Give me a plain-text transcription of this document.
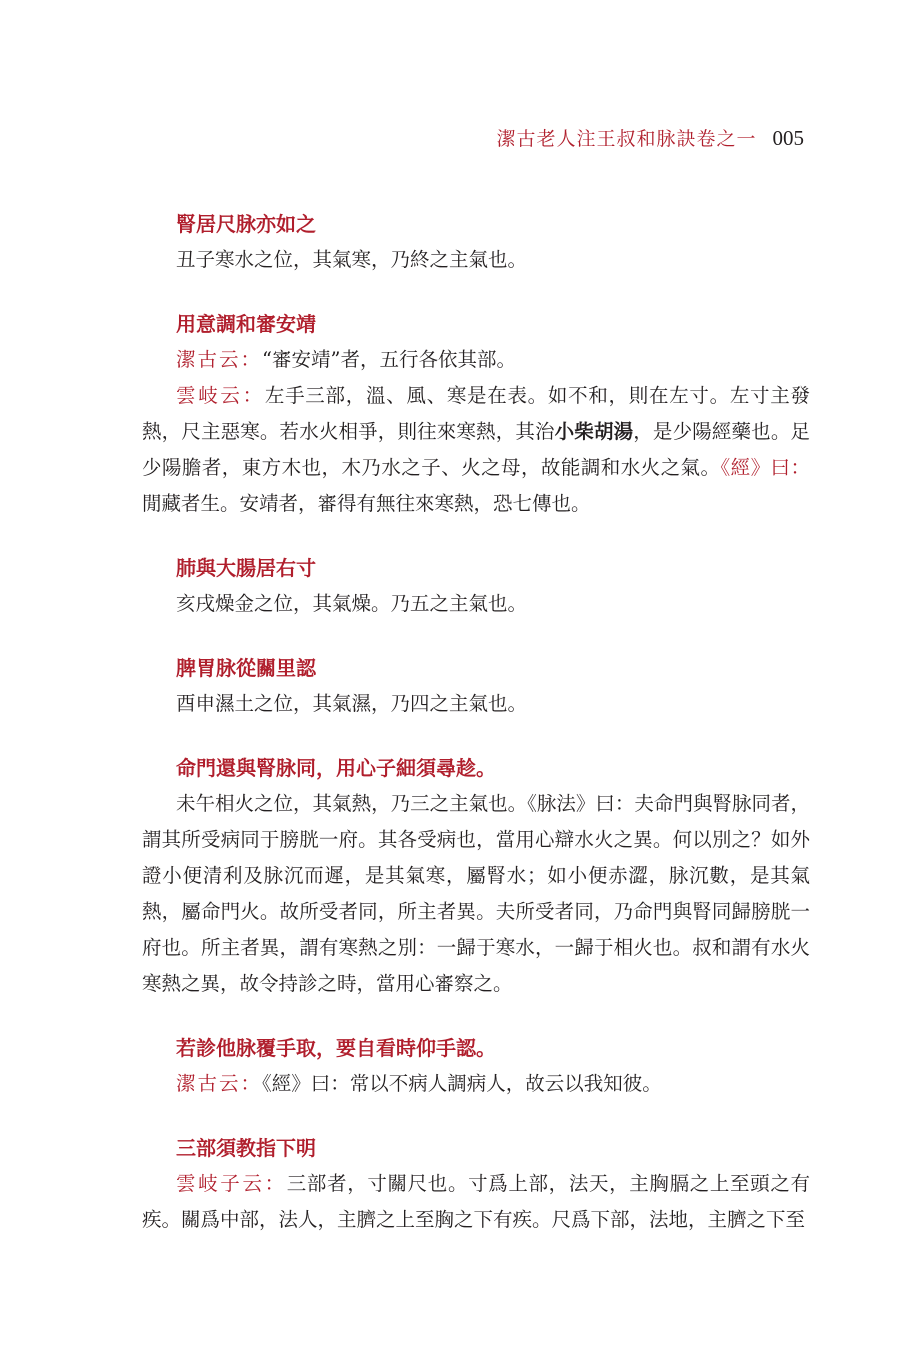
潔古老人注王叔和脉訣卷之一 005

腎居尺脉亦如之

丑子寒水之位，其氣寒，乃終之主氣也。

用意調和審安靖

潔古云：“審安靖”者，五行各依其部。

雲岐云：左手三部，溫、風、寒是在表。如不和，則在左寸。左寸主發熱，尺主惡寒。若水火相爭，則往來寒熱，其治小柴胡湯，是少陽經藥也。足少陽膽者，東方木也，木乃水之子、火之母，故能調和水火之氣。《經》曰：閒藏者生。安靖者，審得有無往來寒熱，恐七傳也。

肺與大腸居右寸

亥戌燥金之位，其氣燥。乃五之主氣也。

脾胃脉從關里認

酉申濕土之位，其氣濕，乃四之主氣也。

命門還與腎脉同，用心子細須尋趁。

未午相火之位，其氣熱，乃三之主氣也。《脉法》曰：夫命門與腎脉同者，謂其所受病同于膀胱一府。其各受病也，當用心辯水火之異。何以別之？如外證小便清利及脉沉而遲，是其氣寒，屬腎水；如小便赤澀，脉沉數，是其氣熱，屬命門火。故所受者同，所主者異。夫所受者同，乃命門與腎同歸膀胱一府也。所主者異，謂有寒熱之別：一歸于寒水，一歸于相火也。叔和謂有水火寒熱之異，故令持診之時，當用心審察之。

若診他脉覆手取，要自看時仰手認。

潔古云：《經》曰：常以不病人調病人，故云以我知彼。

三部須教指下明

雲岐子云：三部者，寸關尺也。寸爲上部，法天，主胸膈之上至頭之有疾。關爲中部，法人，主臍之上至胸之下有疾。尺爲下部，法地，主臍之下至
